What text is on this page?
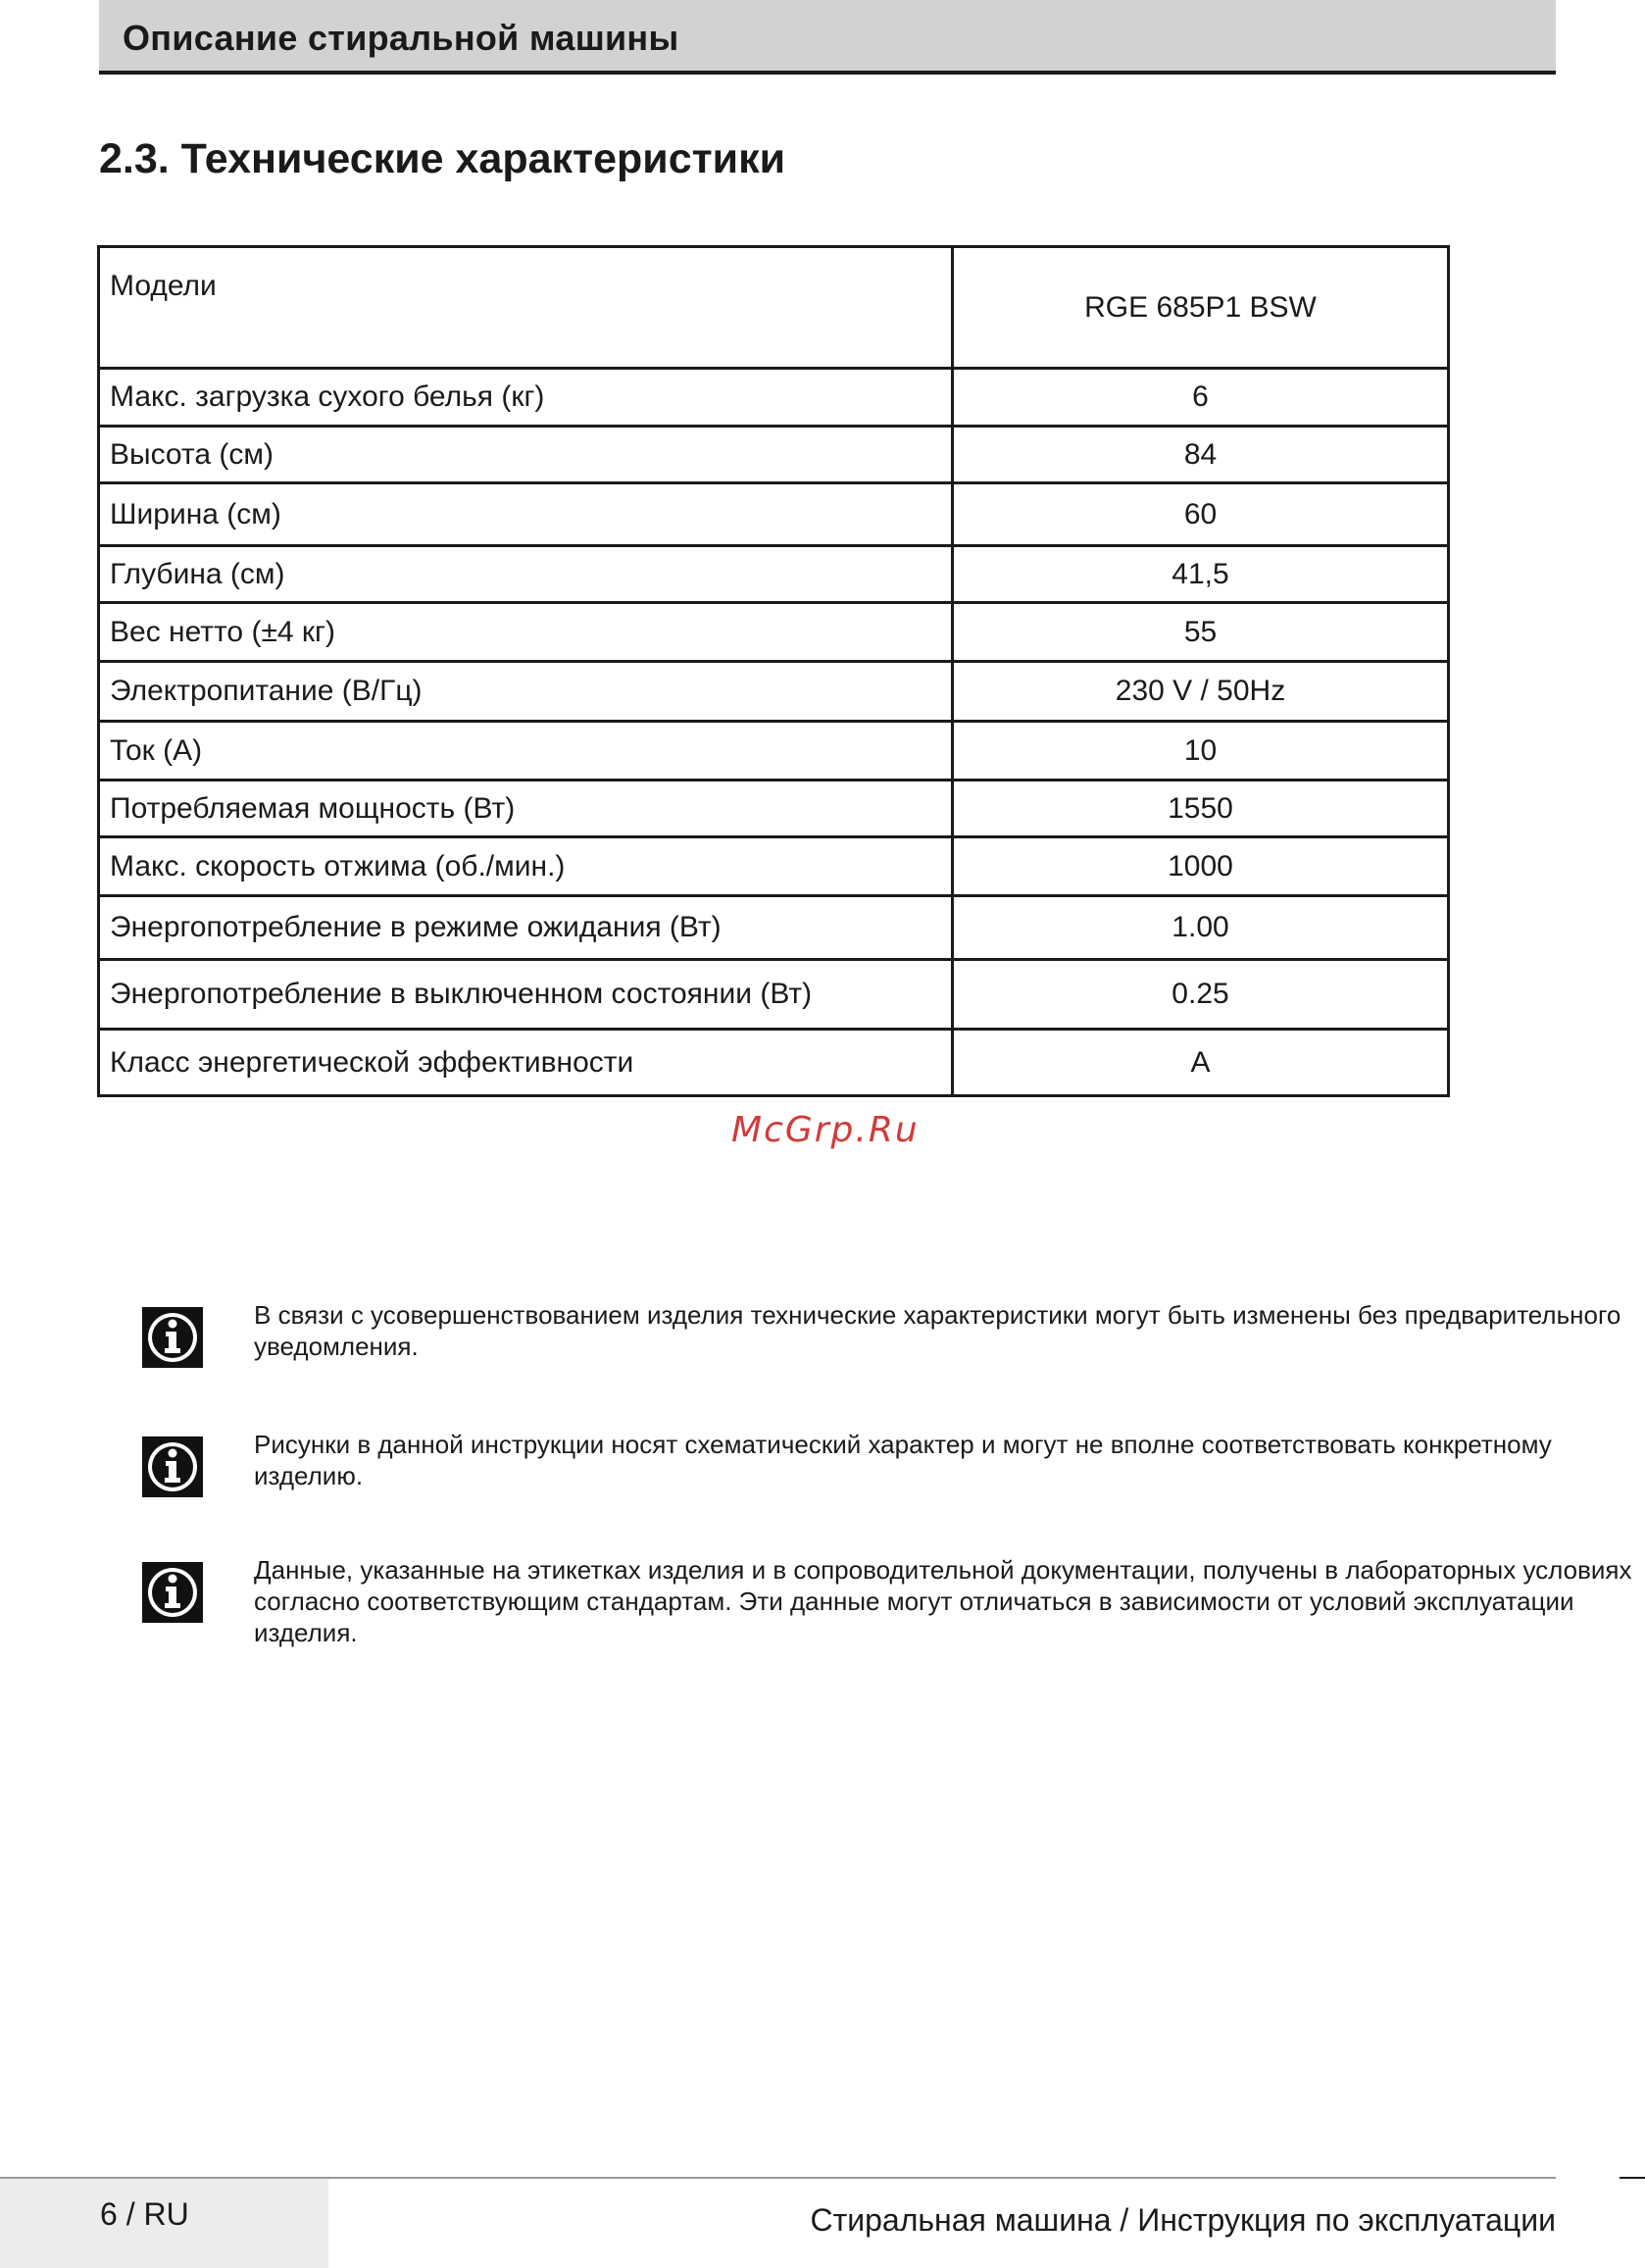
Описание стиральной машины
2.3. Технические характеристики
Модели	RGE 685P1 BSW
Макс. загрузка сухого белья (кг)	6
Высота (см)	84
Ширина (см)	60
Глубина (см)	41,5
Вес нетто (±4 кг)	55
Электропитание (В/Гц)	230 V / 50Hz
Ток (А)	10
Потребляемая мощность (Вт)	1550
Макс. скорость отжима (об./мин.)	1000
Энергопотребление в режиме ожидания (Вт)	1.00
Энергопотребление в выключенном состоянии (Вт)	0.25
Класс энергетической эффективности	A
McGrp.Ru
В связи с усовершенствованием изделия технические характеристики могут быть изменены без предварительного уведомления.
Рисунки в данной инструкции носят схематический характер и могут не вполне соответствовать конкретному изделию.
Данные, указанные на этикетках изделия и в сопроводительной документации, получены в лабораторных условиях согласно соответствующим стандартам. Эти данные могут отличаться в зависимости от условий эксплуатации изделия.
6 / RU	Стиральная машина / Инструкция по эксплуатации
